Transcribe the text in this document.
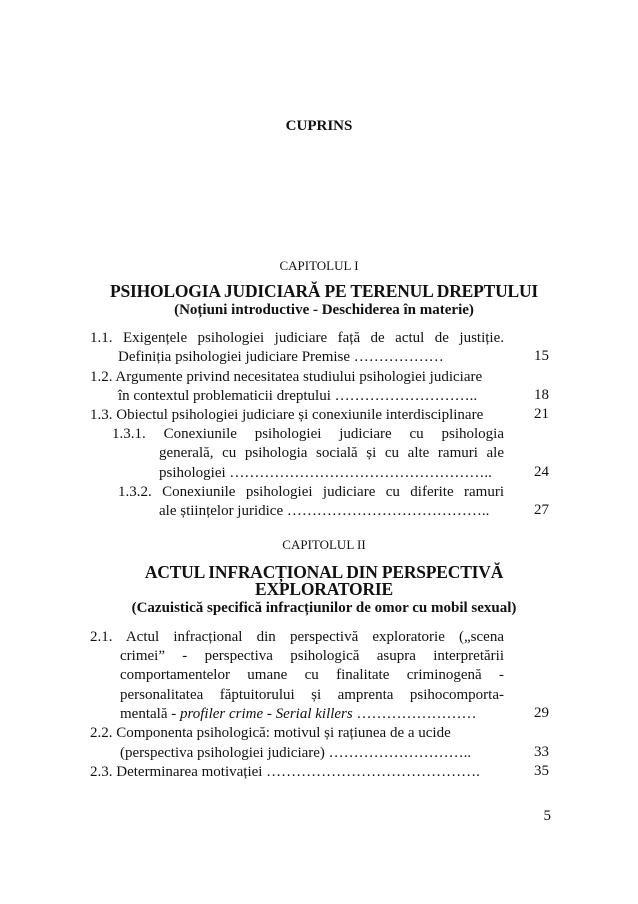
CUPRINS
CAPITOLUL I
PSIHOLOGIA JUDICIARĂ PE TERENUL DREPTULUI
(Noțiuni introductive - Deschiderea în materie)
1.1. Exigențele psihologiei judiciare față de actul de justiție.
Definiția psihologiei judiciare Premise ………………	15
1.2. Argumente privind necesitatea studiului psihologiei judiciare
în contextul problematicii dreptului ………………………..	18
1.3. Obiectul psihologiei judiciare și conexiunile interdisciplinare	21
1.3.1. Conexiunile psihologiei judiciare cu psihologia
generală, cu psihologia socială și cu alte ramuri ale
psihologiei ……………………………………………..	24
1.3.2. Conexiunile psihologiei judiciare cu diferite ramuri
ale științelor juridice …………………………………..	27
CAPITOLUL II
ACTUL INFRACȚIONAL DIN PERSPECTIVĂ
EXPLORATORIE
(Cazuistică specifică infracțiunilor de omor cu mobil sexual)
2.1. Actul infracțional din perspectivă exploratorie („scena
crimei” - perspectiva psihologică asupra interpretării
comportamentelor umane cu finalitate criminogenă -
personalitatea făptuitorului și amprenta psihocomporta-
mentală - profiler crime - Serial killers ……………………	29
2.2. Componenta psihologică: motivul și rațiunea de a ucide
(perspectiva psihologiei judiciare) ………………………..	33
2.3. Determinarea motivației …………………………………….	35
5
